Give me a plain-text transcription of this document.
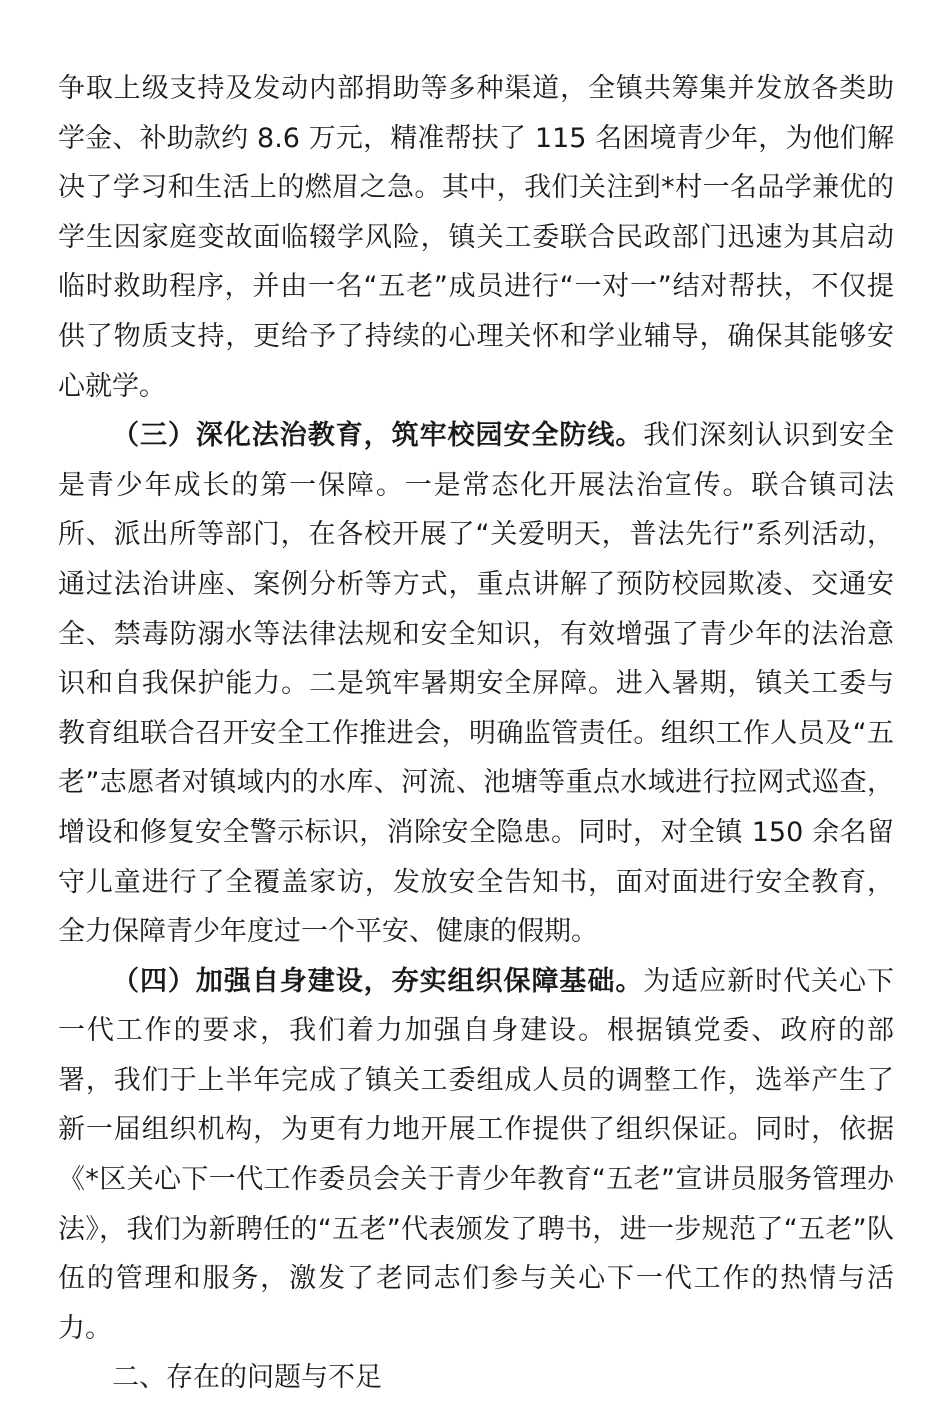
争取上级支持及发动内部捐助等多种渠道，全镇共筹集并发放各类助学金、补助款约 8.6 万元，精准帮扶了 115 名困境青少年，为他们解决了学习和生活上的燃眉之急。其中，我们关注到*村一名品学兼优的学生因家庭变故面临辍学风险，镇关工委联合民政部门迅速为其启动临时救助程序，并由一名“五老”成员进行“一对一”结对帮扶，不仅提供了物质支持，更给予了持续的心理关怀和学业辅导，确保其能够安心就学。

（三）深化法治教育，筑牢校园安全防线。我们深刻认识到安全是青少年成长的第一保障。一是常态化开展法治宣传。联合镇司法所、派出所等部门，在各校开展了“关爱明天，普法先行”系列活动，通过法治讲座、案例分析等方式，重点讲解了预防校园欺凌、交通安全、禁毒防溺水等法律法规和安全知识，有效增强了青少年的法治意识和自我保护能力。二是筑牢暑期安全屏障。进入暑期，镇关工委与教育组联合召开安全工作推进会，明确监管责任。组织工作人员及“五老”志愿者对镇域内的水库、河流、池塘等重点水域进行拉网式巡查，增设和修复安全警示标识，消除安全隐患。同时，对全镇 150 余名留守儿童进行了全覆盖家访，发放安全告知书，面对面进行安全教育，全力保障青少年度过一个平安、健康的假期。

（四）加强自身建设，夯实组织保障基础。为适应新时代关心下一代工作的要求，我们着力加强自身建设。根据镇党委、政府的部署，我们于上半年完成了镇关工委组成人员的调整工作，选举产生了新一届组织机构，为更有力地开展工作提供了组织保证。同时，依据《*区关心下一代工作委员会关于青少年教育“五老”宣讲员服务管理办法》，我们为新聘任的“五老”代表颁发了聘书，进一步规范了“五老”队伍的管理和服务，激发了老同志们参与关心下一代工作的热情与活力。

二、存在的问题与不足
